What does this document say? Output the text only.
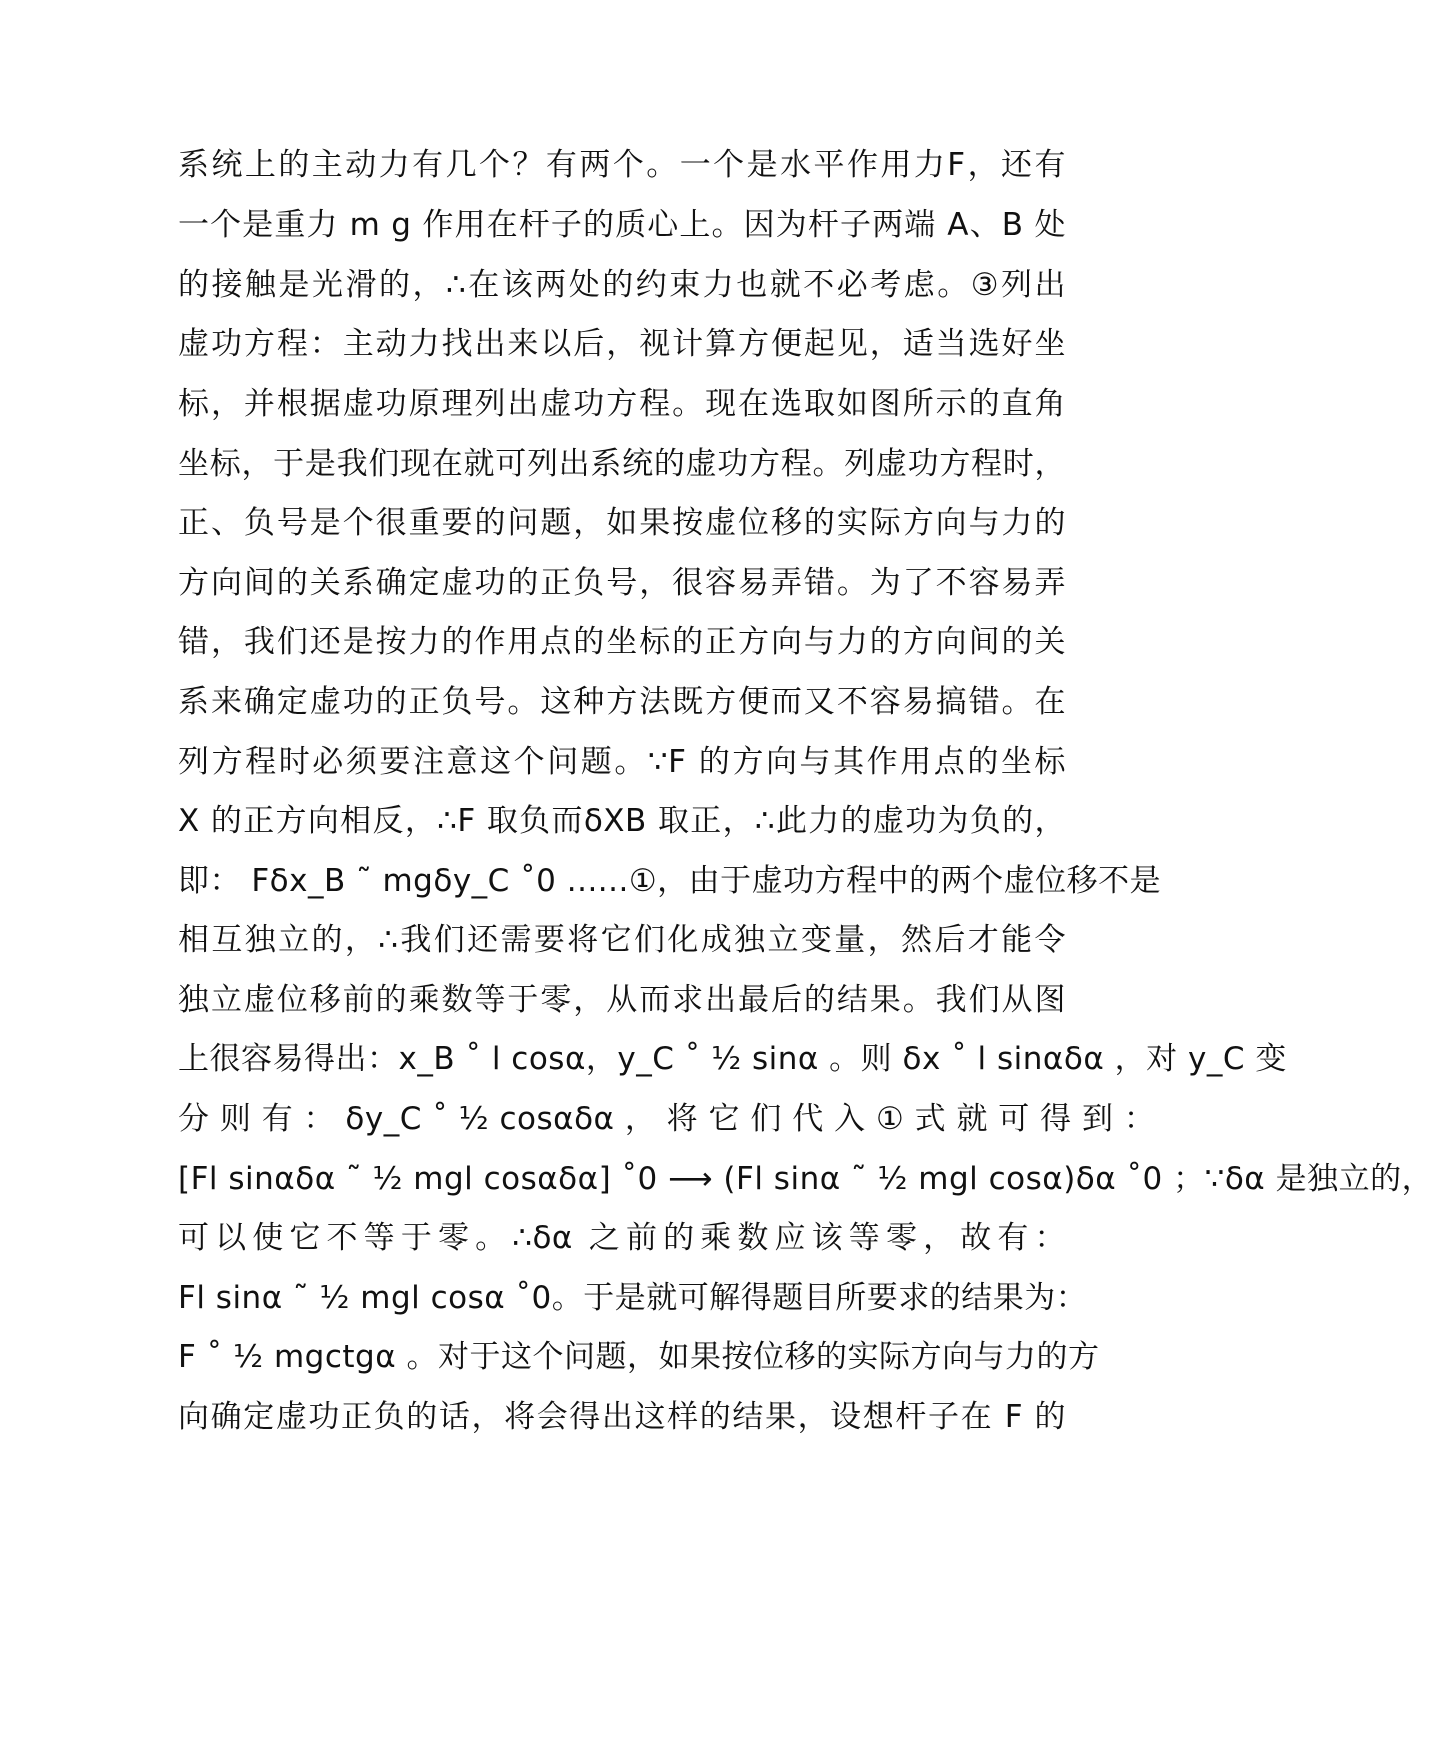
系统上的主动力有几个？有两个。一个是水平作用力F，还有
一个是重力 m g 作用在杆子的质心上。因为杆子两端 A、B 处
的接触是光滑的，∴在该两处的约束力也就不必考虑。③列出
虚功方程：主动力找出来以后，视计算方便起见，适当选好坐
标，并根据虚功原理列出虚功方程。现在选取如图所示的直角
坐标，于是我们现在就可列出系统的虚功方程。列虚功方程时，
正、负号是个很重要的问题，如果按虚位移的实际方向与力的
方向间的关系确定虚功的正负号，很容易弄错。为了不容易弄
错，我们还是按力的作用点的坐标的正方向与力的方向间的关
系来确定虚功的正负号。这种方法既方便而又不容易搞错。在
列方程时必须要注意这个问题。∵F 的方向与其作用点的坐标
X 的正方向相反，∴F 取负而δXB 取正，∴此力的虚功为负的，
即： Fδx_B ˜ mgδy_C ˚0 ......①，由于虚功方程中的两个虚位移不是
相互独立的，∴我们还需要将它们化成独立变量，然后才能令
独立虚位移前的乘数等于零，从而求出最后的结果。我们从图
上很容易得出：x_B ˚ l cosα，y_C ˚ ½ sinα 。则 δx ˚ l sinαδα ，对 y_C 变
分 则 有 ： δy_C ˚ ½ cosαδα ， 将 它 们 代 入 ① 式 就 可 得 到 ：
[Fl sinαδα ˜ ½ mgl cosαδα] ˚0 ⟶ (Fl sinα ˜ ½ mgl cosα)δα ˚0 ；∵δα 是独立的，
可以使它不等于零。∴δα 之前的乘数应该等零，故有：
Fl sinα ˜ ½ mgl cosα ˚0。于是就可解得题目所要求的结果为：
F ˚ ½ mgctgα 。对于这个问题，如果按位移的实际方向与力的方
向确定虚功正负的话，将会得出这样的结果，设想杆子在 F 的
